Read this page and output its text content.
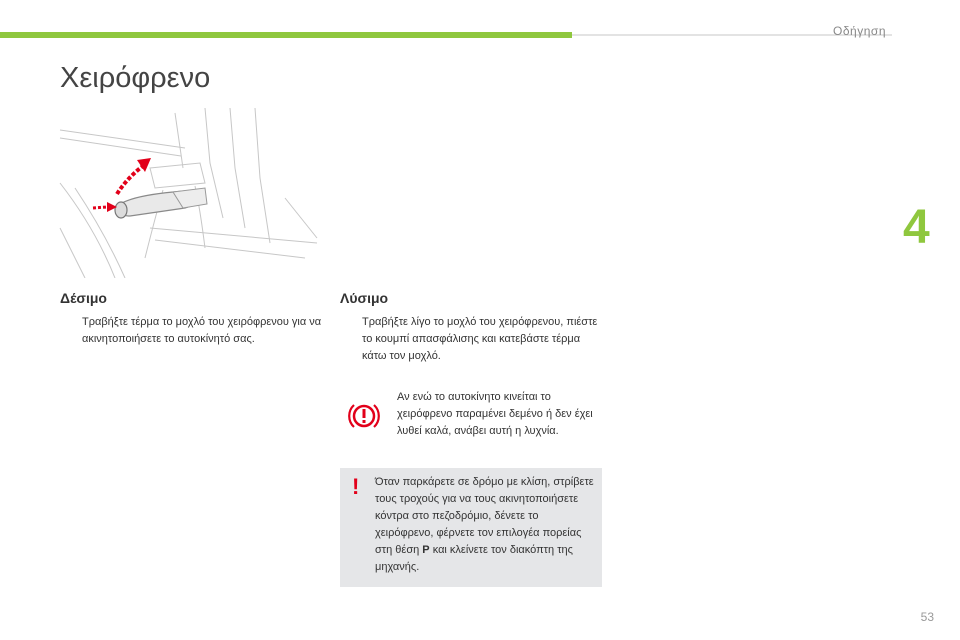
Οδήγηση
4
Χειρόφρενο
Δέσιμο
Τραβήξτε τέρμα το μοχλό του χειρόφρενου για να ακινητοποιήσετε το αυτοκίνητό σας.
Λύσιμο
Τραβήξτε λίγο το μοχλό του χειρόφρενου, πιέστε το κουμπί απασφάλισης και κατεβάστε τέρμα κάτω τον μοχλό.
Αν ενώ το αυτοκίνητο κινείται το χειρόφρενο παραμένει δεμένο ή δεν έχει λυθεί καλά, ανάβει αυτή η λυχνία.
! Όταν παρκάρετε σε δρόμο με κλίση, στρίβετε τους τροχούς για να τους ακινητοποιήσετε κόντρα στο πεζοδρόμιο, δένετε το χειρόφρενο, φέρνετε τον επιλογέα πορείας στη θέση P και κλείνετε τον διακόπτη της μηχανής.
53
